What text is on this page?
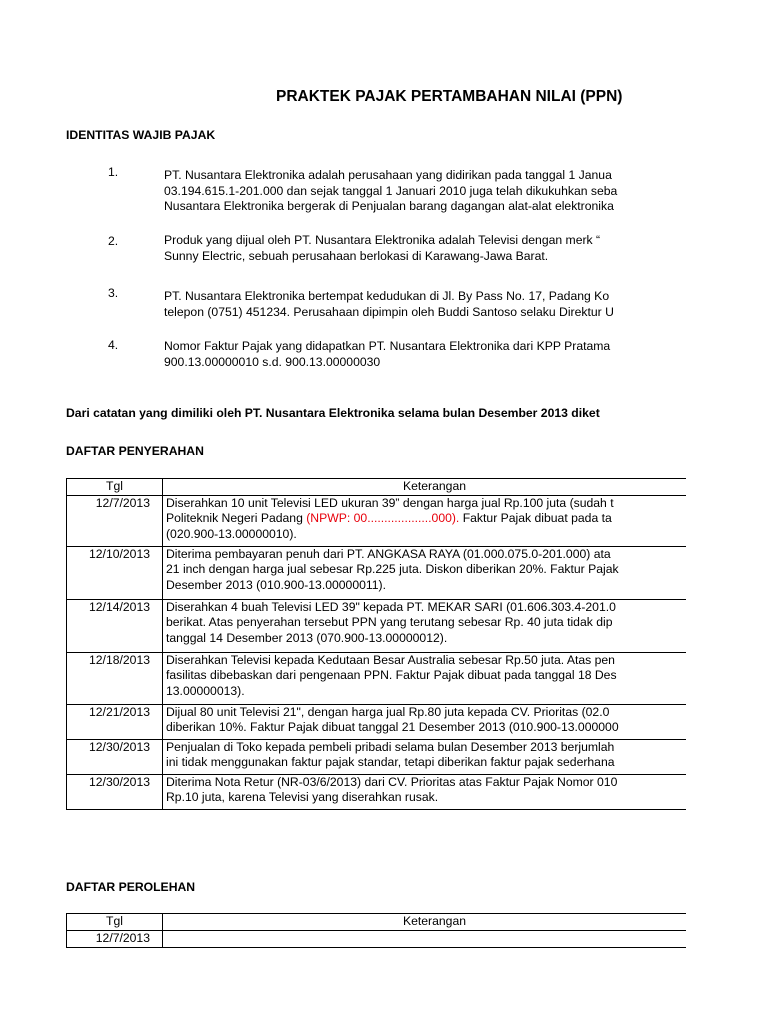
PRAKTEK PAJAK PERTAMBAHAN NILAI (PPN)
IDENTITAS WAJIB PAJAK
1.	PT. Nusantara Elektronika adalah perusahaan yang didirikan pada tanggal 1 Janua
03.194.615.1-201.000 dan sejak tanggal 1 Januari 2010 juga telah dikukuhkan seba
Nusantara Elektronika bergerak di Penjualan barang dagangan alat-alat elektronika
2.	Produk yang dijual oleh PT. Nusantara Elektronika adalah Televisi dengan merk “
Sunny Electric, sebuah perusahaan berlokasi di Karawang-Jawa Barat.
3.	PT. Nusantara Elektronika bertempat kedudukan di Jl. By Pass No. 17, Padang Ko
telepon (0751) 451234. Perusahaan dipimpin oleh Buddi Santoso selaku Direktur U
4.	Nomor Faktur Pajak yang didapatkan PT. Nusantara Elektronika dari KPP Pratama
900.13.00000010 s.d. 900.13.00000030
Dari catatan yang dimiliki oleh PT. Nusantara Elektronika selama bulan Desember 2013 diket
DAFTAR PENYERAHAN
Tgl	Keterangan
12/7/2013	Diserahkan 10 unit Televisi LED ukuran 39” dengan harga jual Rp.100 juta (sudah t
Politeknik Negeri Padang (NPWP: 00...................000). Faktur Pajak dibuat pada ta
(020.900-13.00000010).

12/10/2013	Diterima pembayaran penuh dari PT. ANGKASA RAYA (01.000.075.0-201.000) ata
21 inch dengan harga jual sebesar Rp.225 juta. Diskon diberikan 20%. Faktur Pajak
Desember 2013 (010.900-13.00000011).

12/14/2013	Diserahkan 4 buah Televisi LED 39" kepada PT. MEKAR SARI (01.606.303.4-201.0
berikat. Atas penyerahan tersebut PPN yang terutang sebesar Rp. 40 juta tidak dip
tanggal 14 Desember 2013 (070.900-13.00000012).

12/18/2013	Diserahkan Televisi kepada Kedutaan Besar Australia sebesar Rp.50 juta. Atas pen
fasilitas dibebaskan dari pengenaan PPN. Faktur Pajak dibuat pada tanggal 18 Des
13.00000013).

12/21/2013	Dijual 80 unit Televisi 21", dengan harga jual Rp.80 juta kepada CV. Prioritas (02.0
diberikan 10%. Faktur Pajak dibuat tanggal 21 Desember 2013 (010.900-13.000000

12/30/2013	Penjualan di Toko kepada pembeli pribadi selama bulan Desember 2013 berjumlah
ini tidak menggunakan faktur pajak standar, tetapi diberikan faktur pajak sederhana

12/30/2013	Diterima Nota Retur (NR-03/6/2013) dari CV. Prioritas atas Faktur Pajak Nomor 010
Rp.10 juta, karena Televisi yang diserahkan rusak.
DAFTAR PEROLEHAN
Tgl	Keterangan
12/7/2013	
